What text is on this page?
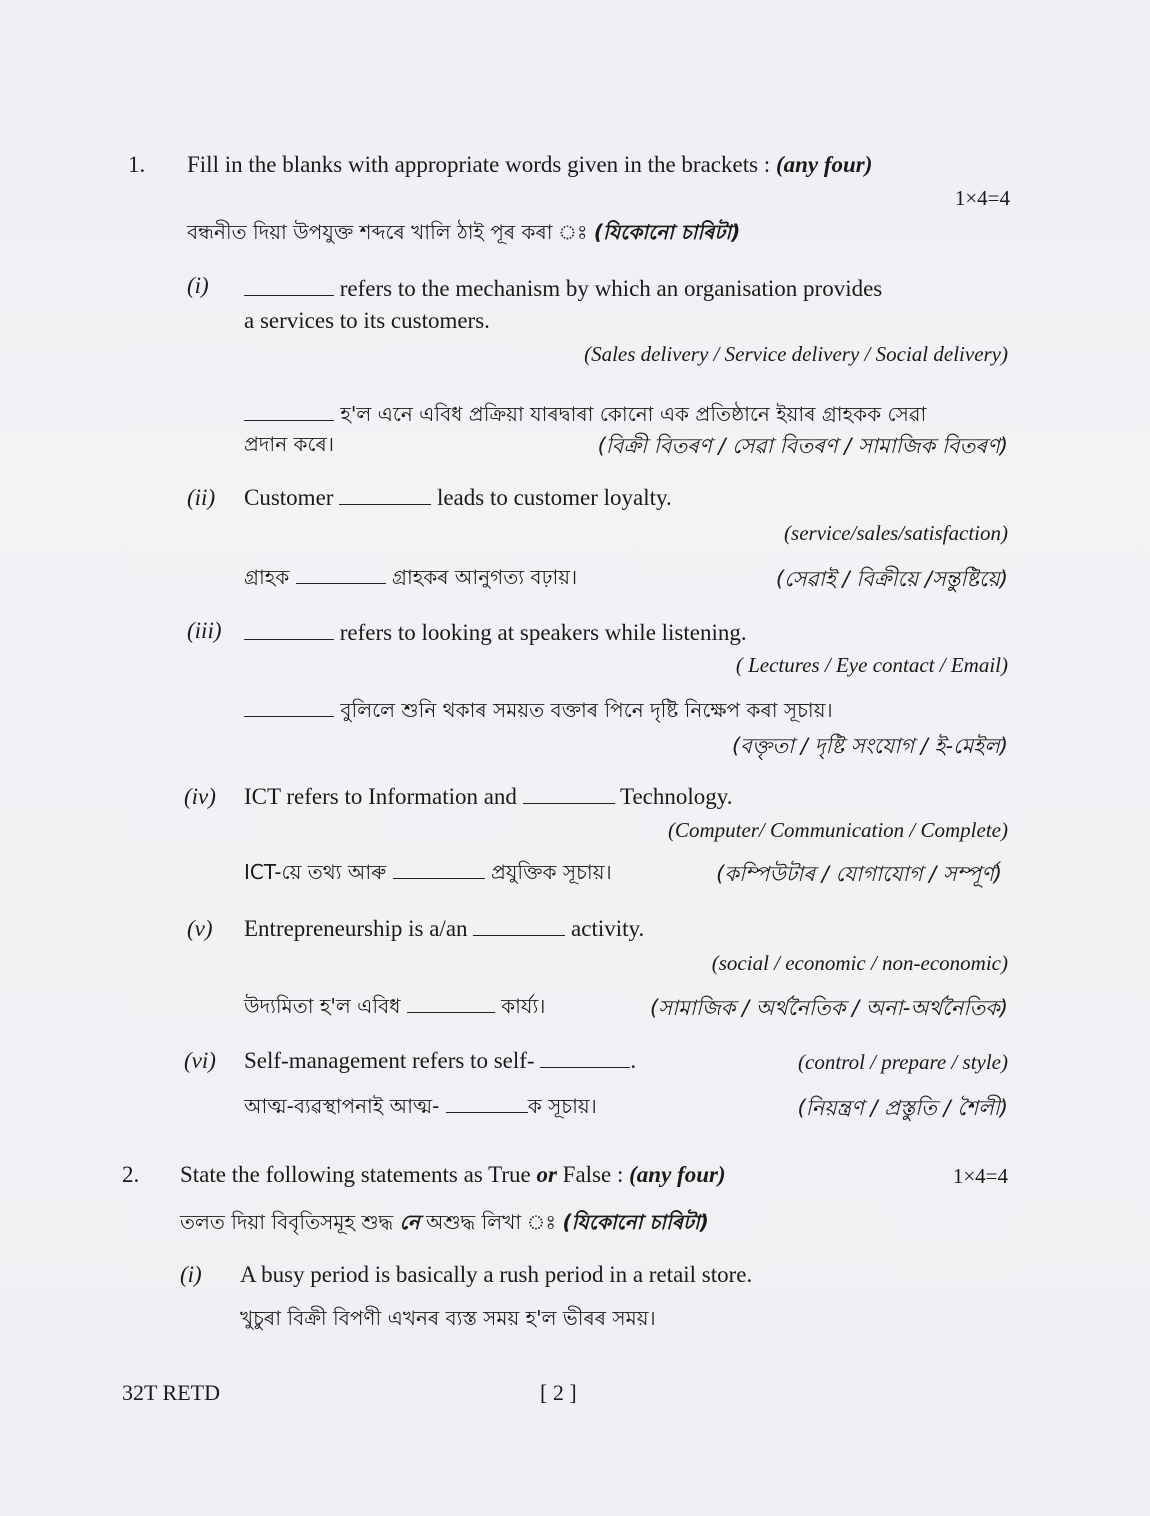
1. Fill in the blanks with appropriate words given in the brackets : (any four)
1×4=4
বন্ধনীত দিয়া উপযুক্ত শব্দৰে খালি ঠাই পূৰ কৰা ঃ (যিকোনো চাৰিটা)
(i)	refers to the mechanism by which an organisation provides
a services to its customers.
(Sales delivery / Service delivery / Social delivery)
হ'ল এনে এবিধ প্ৰক্ৰিয়া যাৰদ্বাৰা কোনো এক প্ৰতিষ্ঠানে ইয়াৰ গ্ৰাহকক সেৱা
প্ৰদান কৰে।	(বিক্ৰী বিতৰণ / সেৱা বিতৰণ / সামাজিক বিতৰণ)
(ii) Customer	leads to customer loyalty.
(service/sales/satisfaction)
গ্ৰাহক	গ্ৰাহকৰ আনুগত্য বঢ়ায়।	(সেৱাই / বিক্ৰীয়ে /সন্তুষ্টিয়ে)
(iii)	refers to looking at speakers while listening.
( Lectures / Eye contact / Email)
বুলিলে শুনি থকাৰ সময়ত বক্তাৰ পিনে দৃষ্টি নিক্ষেপ কৰা সূচায়।
(বক্তৃতা / দৃষ্টি সংযোগ / ই-মেইল)
(iv) ICT refers to Information and	Technology.
(Computer/ Communication / Complete)
ICT-য়ে তথ্য আৰু	প্ৰযুক্তিক সূচায়।	(কম্পিউটাৰ / যোগাযোগ / সম্পূৰ্ণ)
(v) Entrepreneurship is a/an	activity.
(social / economic / non-economic)
উদ্যমিতা হ'ল এবিধ	কাৰ্য্য।	(সামাজিক / অৰ্থনৈতিক / অনা-অৰ্থনৈতিক)
(vi) Self-management refers to self-	.	(control / prepare / style)
আত্ম-ব্যৱস্থাপনাই আত্ম-	ক সূচায়।	(নিয়ন্ত্ৰণ / প্ৰস্তুতি / শৈলী)
2. State the following statements as True or False : (any four)	1×4=4
তলত দিয়া বিবৃতিসমূহ শুদ্ধ নে অশুদ্ধ লিখা ঃ (যিকোনো চাৰিটা)
(i) A busy period is basically a rush period in a retail store.
খুচুৰা বিক্ৰী বিপণী এখনৰ ব্যস্ত সময় হ'ল ভীৰৰ সময়।
32T RETD	[ 2 ]
